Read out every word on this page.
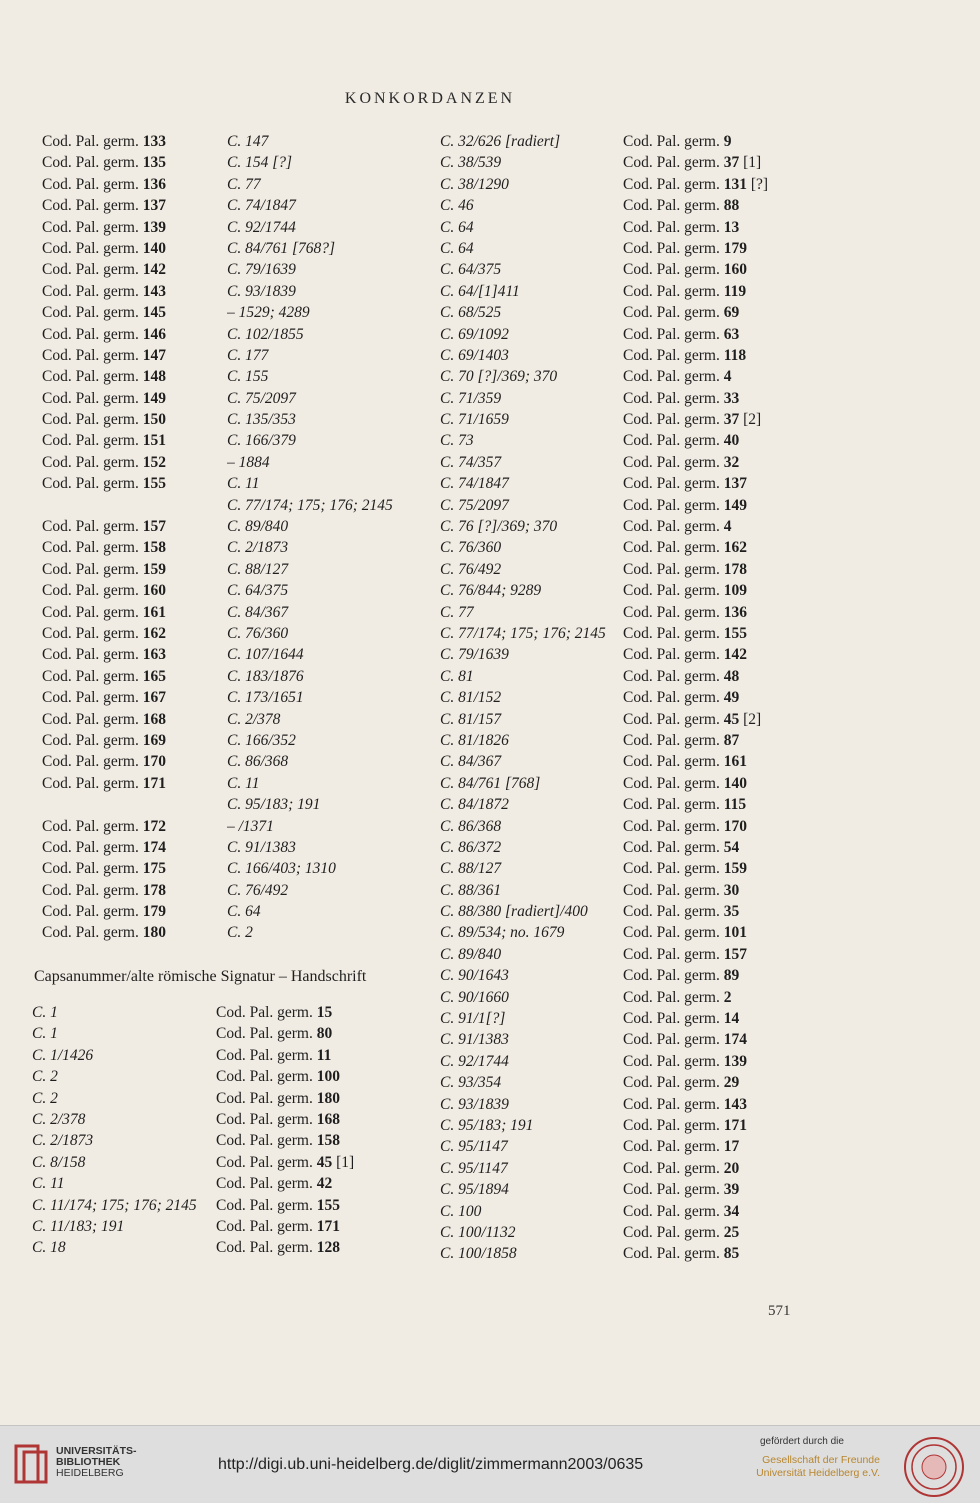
KONKORDANZEN
Cod. Pal. germ. 133	C. 147
Cod. Pal. germ. 135	C. 154 [?]
Cod. Pal. germ. 136	C. 77
Cod. Pal. germ. 137	C. 74/1847
Cod. Pal. germ. 139	C. 92/1744
Cod. Pal. germ. 140	C. 84/761 [768?]
Cod. Pal. germ. 142	C. 79/1639
Cod. Pal. germ. 143	C. 93/1839
Cod. Pal. germ. 145	– 1529; 4289
Cod. Pal. germ. 146	C. 102/1855
Cod. Pal. germ. 147	C. 177
Cod. Pal. germ. 148	C. 155
Cod. Pal. germ. 149	C. 75/2097
Cod. Pal. germ. 150	C. 135/353
Cod. Pal. germ. 151	C. 166/379
Cod. Pal. germ. 152	– 1884
Cod. Pal. germ. 155	C. 11
C. 77/174; 175; 176; 2145
Cod. Pal. germ. 157	C. 89/840
Cod. Pal. germ. 158	C. 2/1873
Cod. Pal. germ. 159	C. 88/127
Cod. Pal. germ. 160	C. 64/375
Cod. Pal. germ. 161	C. 84/367
Cod. Pal. germ. 162	C. 76/360
Cod. Pal. germ. 163	C. 107/1644
Cod. Pal. germ. 165	C. 183/1876
Cod. Pal. germ. 167	C. 173/1651
Cod. Pal. germ. 168	C. 2/378
Cod. Pal. germ. 169	C. 166/352
Cod. Pal. germ. 170	C. 86/368
Cod. Pal. germ. 171	C. 11
C. 95/183; 191
Cod. Pal. germ. 172	– /1371
Cod. Pal. germ. 174	C. 91/1383
Cod. Pal. germ. 175	C. 166/403; 1310
Cod. Pal. germ. 178	C. 76/492
Cod. Pal. germ. 179	C. 64
Cod. Pal. germ. 180	C. 2
Capsanummer/alte römische Signatur – Handschrift
C. 1	Cod. Pal. germ. 15
C. 1	Cod. Pal. germ. 80
C. 1/1426	Cod. Pal. germ. 11
C. 2	Cod. Pal. germ. 100
C. 2	Cod. Pal. germ. 180
C. 2/378	Cod. Pal. germ. 168
C. 2/1873	Cod. Pal. germ. 158
C. 8/158	Cod. Pal. germ. 45 [1]
C. 11	Cod. Pal. germ. 42
C. 11/174; 175; 176; 2145	Cod. Pal. germ. 155
C. 11/183; 191	Cod. Pal. germ. 171
C. 18	Cod. Pal. germ. 128
C. 32/626 [radiert]	Cod. Pal. germ. 9
C. 38/539	Cod. Pal. germ. 37 [1]
C. 38/1290	Cod. Pal. germ. 131 [?]
C. 46	Cod. Pal. germ. 88
C. 64	Cod. Pal. germ. 13
C. 64	Cod. Pal. germ. 179
C. 64/375	Cod. Pal. germ. 160
C. 64/[1]411	Cod. Pal. germ. 119
C. 68/525	Cod. Pal. germ. 69
C. 69/1092	Cod. Pal. germ. 63
C. 69/1403	Cod. Pal. germ. 118
C. 70 [?]/369; 370	Cod. Pal. germ. 4
C. 71/359	Cod. Pal. germ. 33
C. 71/1659	Cod. Pal. germ. 37 [2]
C. 73	Cod. Pal. germ. 40
C. 74/357	Cod. Pal. germ. 32
C. 74/1847	Cod. Pal. germ. 137
C. 75/2097	Cod. Pal. germ. 149
C. 76 [?]/369; 370	Cod. Pal. germ. 4
C. 76/360	Cod. Pal. germ. 162
C. 76/492	Cod. Pal. germ. 178
C. 76/844; 9289	Cod. Pal. germ. 109
C. 77	Cod. Pal. germ. 136
C. 77/174; 175; 176; 2145	Cod. Pal. germ. 155
C. 79/1639	Cod. Pal. germ. 142
C. 81	Cod. Pal. germ. 48
C. 81/152	Cod. Pal. germ. 49
C. 81/157	Cod. Pal. germ. 45 [2]
C. 81/1826	Cod. Pal. germ. 87
C. 84/367	Cod. Pal. germ. 161
C. 84/761 [768]	Cod. Pal. germ. 140
C. 84/1872	Cod. Pal. germ. 115
C. 86/368	Cod. Pal. germ. 170
C. 86/372	Cod. Pal. germ. 54
C. 88/127	Cod. Pal. germ. 159
C. 88/361	Cod. Pal. germ. 30
C. 88/380 [radiert]/400	Cod. Pal. germ. 35
C. 89/534; no. 1679	Cod. Pal. germ. 101
C. 89/840	Cod. Pal. germ. 157
C. 90/1643	Cod. Pal. germ. 89
C. 90/1660	Cod. Pal. germ. 2
C. 91/1[?]	Cod. Pal. germ. 14
C. 91/1383	Cod. Pal. germ. 174
C. 92/1744	Cod. Pal. germ. 139
C. 93/354	Cod. Pal. germ. 29
C. 93/1839	Cod. Pal. germ. 143
C. 95/183; 191	Cod. Pal. germ. 171
C. 95/1147	Cod. Pal. germ. 17
C. 95/1147	Cod. Pal. germ. 20
C. 95/1894	Cod. Pal. germ. 39
C. 100	Cod. Pal. germ. 34
C. 100/1132	Cod. Pal. germ. 25
C. 100/1858	Cod. Pal. germ. 85
571
UNIVERSITÄTS-
BIBLIOTHEK
HEIDELBERG	http://digi.ub.uni-heidelberg.de/diglit/zimmermann2003/0635
gefördert durch die
Gesellschaft der Freunde
Universität Heidelberg e.V.
